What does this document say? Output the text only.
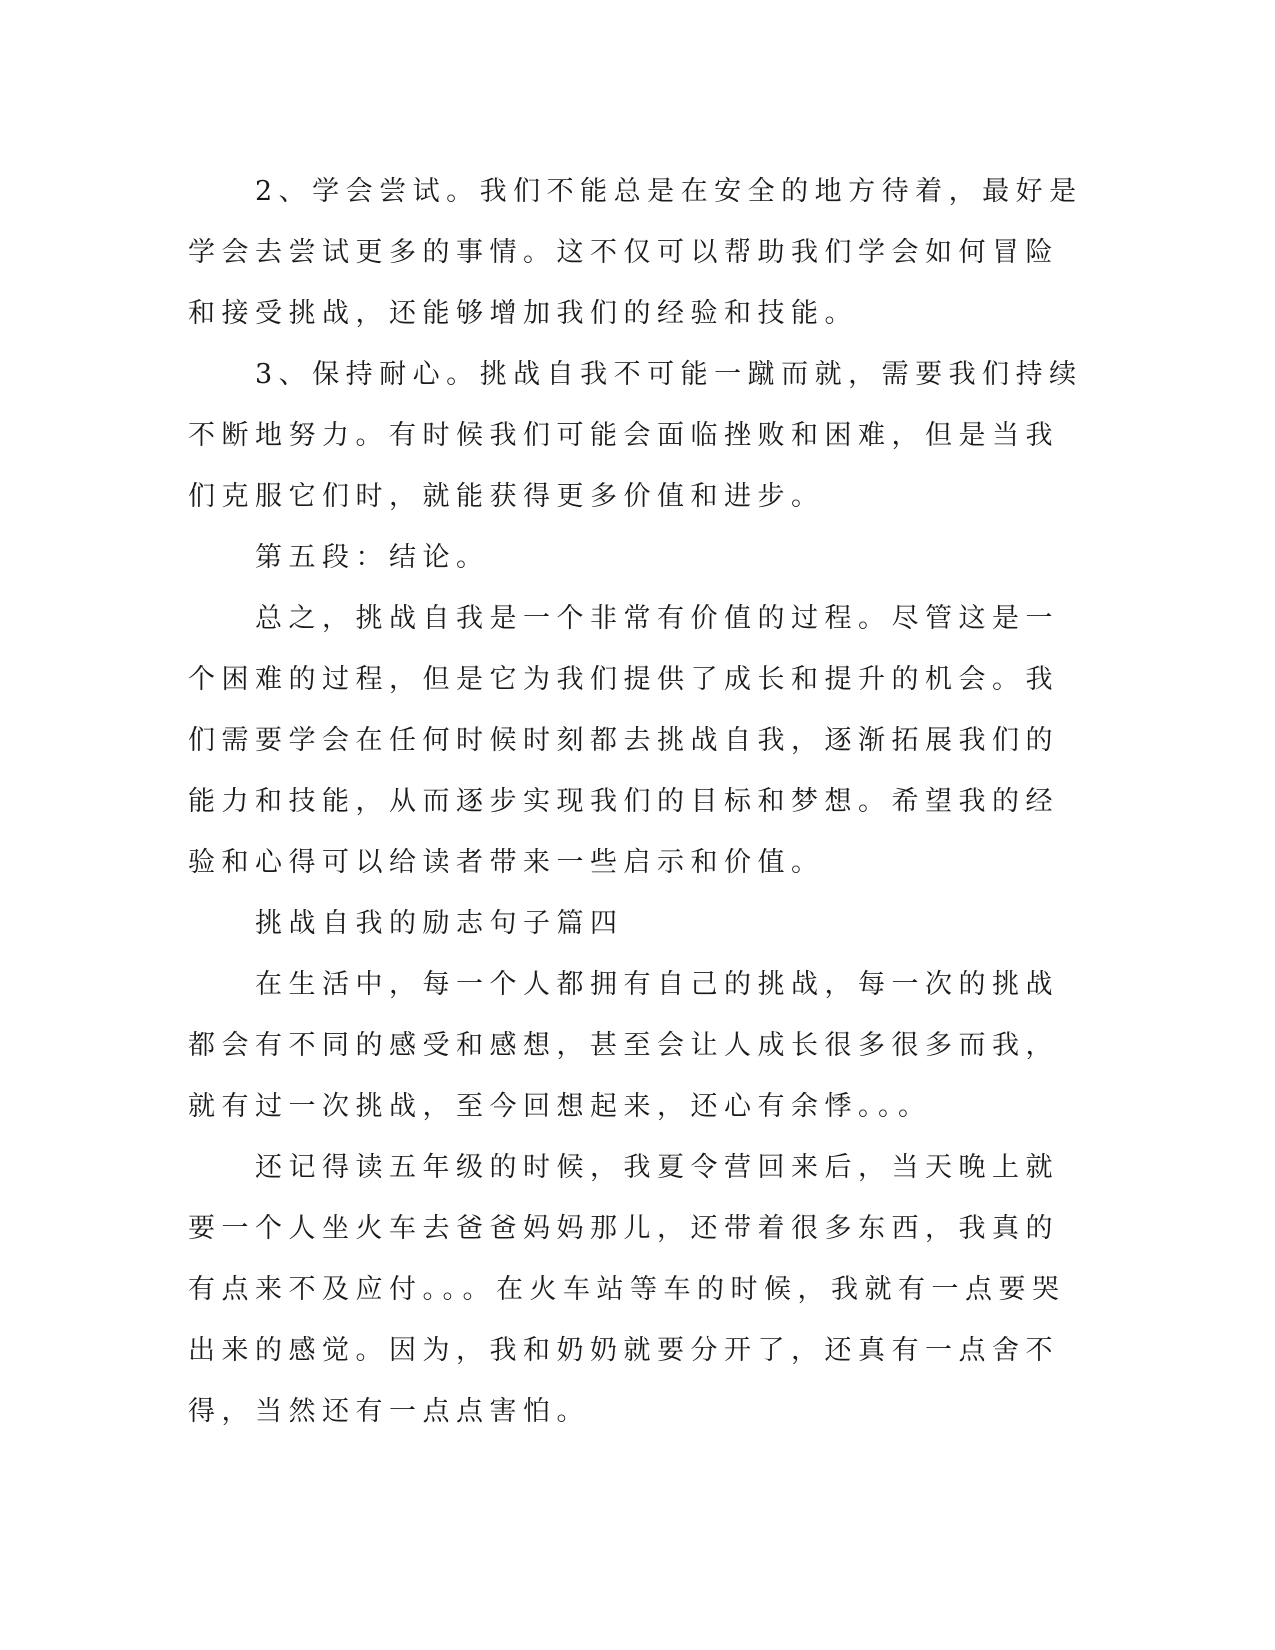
2、学会尝试。我们不能总是在安全的地方待着，最好是学会去尝试更多的事情。这不仅可以帮助我们学会如何冒险和接受挑战，还能够增加我们的经验和技能。

3、保持耐心。挑战自我不可能一蹴而就，需要我们持续不断地努力。有时候我们可能会面临挫败和困难，但是当我们克服它们时，就能获得更多价值和进步。

第五段：结论。

总之，挑战自我是一个非常有价值的过程。尽管这是一个困难的过程，但是它为我们提供了成长和提升的机会。我们需要学会在任何时候时刻都去挑战自我，逐渐拓展我们的能力和技能，从而逐步实现我们的目标和梦想。希望我的经验和心得可以给读者带来一些启示和价值。

挑战自我的励志句子篇四

在生活中，每一个人都拥有自己的挑战，每一次的挑战都会有不同的感受和感想，甚至会让人成长很多很多而我，就有过一次挑战，至今回想起来，还心有余悸。。。

还记得读五年级的时候，我夏令营回来后，当天晚上就要一个人坐火车去爸爸妈妈那儿，还带着很多东西，我真的有点来不及应付。。。在火车站等车的时候，我就有一点要哭出来的感觉。因为，我和奶奶就要分开了，还真有一点舍不得，当然还有一点点害怕。
